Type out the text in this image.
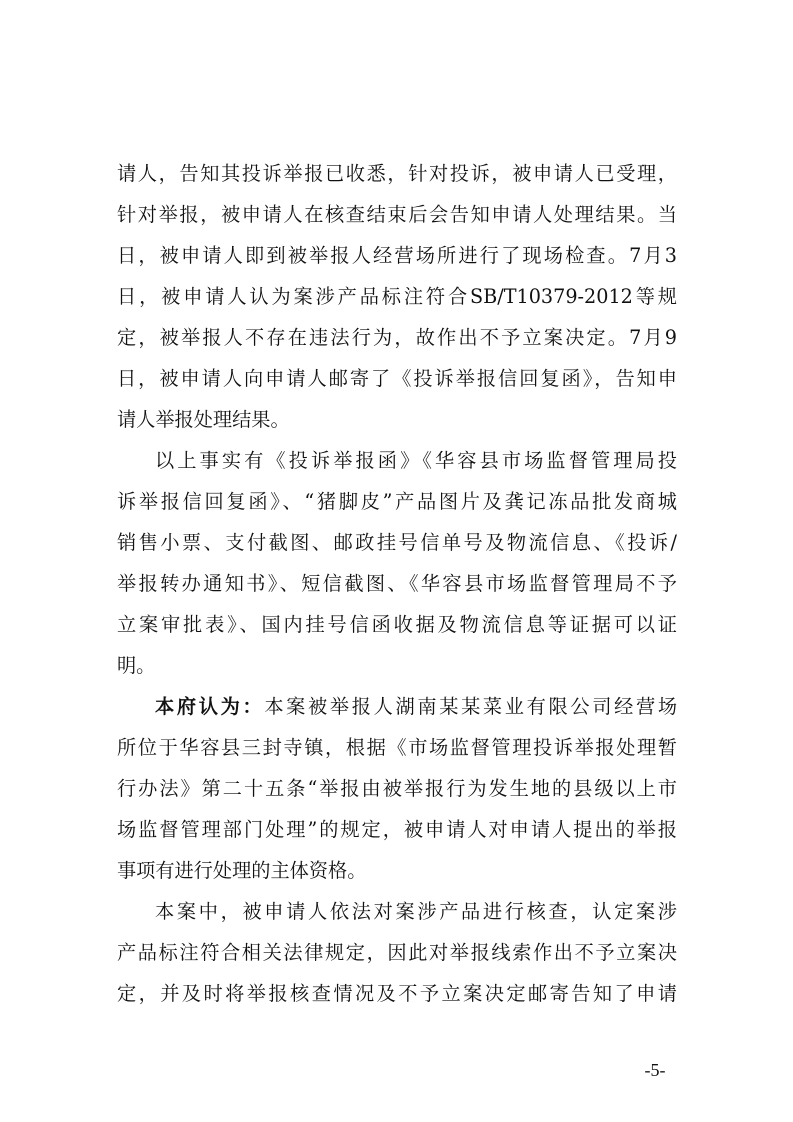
请人，告知其投诉举报已收悉，针对投诉，被申请人已受理，
针对举报，被申请人在核查结束后会告知申请人处理结果。当
日，被申请人即到被举报人经营场所进行了现场检查。7月3
日，被申请人认为案涉产品标注符合SB/T10379-2012等规
定，被举报人不存在违法行为，故作出不予立案决定。7月9
日，被申请人向申请人邮寄了《投诉举报信回复函》，告知申
请人举报处理结果。
以上事实有《投诉举报函》《华容县市场监督管理局投
诉举报信回复函》、“猪脚皮”产品图片及龚记冻品批发商城
销售小票、支付截图、邮政挂号信单号及物流信息、《投诉/
举报转办通知书》、短信截图、《华容县市场监督管理局不予
立案审批表》、国内挂号信函收据及物流信息等证据可以证
明。
本府认为：本案被举报人湖南某某菜业有限公司经营场
所位于华容县三封寺镇，根据《市场监督管理投诉举报处理暂
行办法》第二十五条“举报由被举报行为发生地的县级以上市
场监督管理部门处理”的规定，被申请人对申请人提出的举报
事项有进行处理的主体资格。
本案中，被申请人依法对案涉产品进行核查，认定案涉
产品标注符合相关法律规定，因此对举报线索作出不予立案决
定，并及时将举报核查情况及不予立案决定邮寄告知了申请
-5-
